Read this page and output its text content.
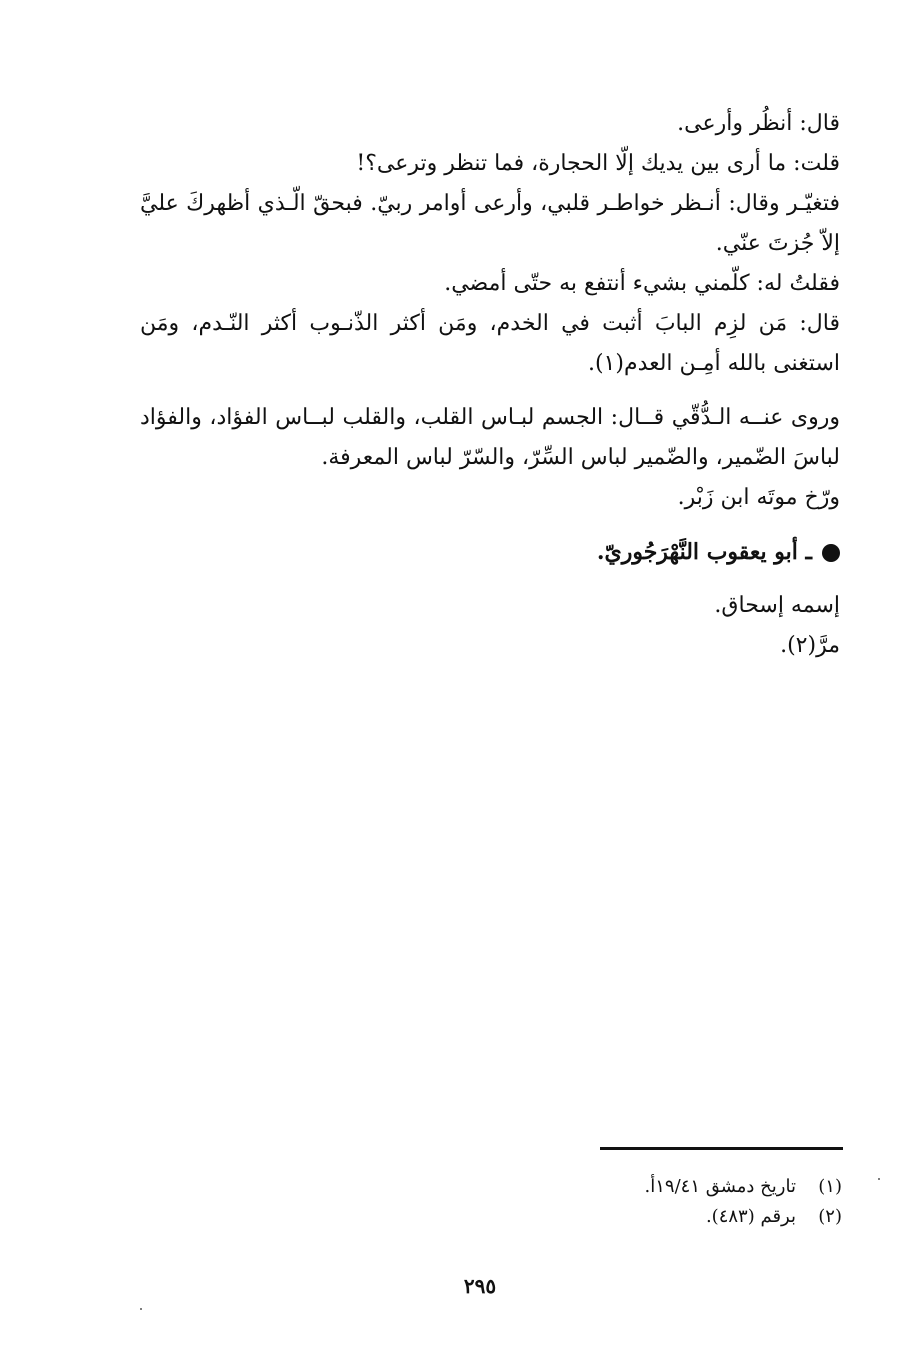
قال: أنظُر وأرعى.
قلت: ما أرى بين يديك إلّا الحجارة، فما تنظر وترعى؟!
فتغيّـر وقال: أنـظر خواطـر قلبي، وأرعى أوامر ربيّ. فبحقّ الّـذي أظهركَ عليَّ إلاّ جُزتَ عنّي.
فقلتُ له: كلّمني بشيء أنتفع به حتّى أمضي.
قال: مَن لزِم البابَ أثبت في الخدم، ومَن أكثر الذّنـوب أكثر النّـدم، ومَن استغنى بالله أمِـن العدم(١).
وروى عنــه الـدُّقّي قــال: الجسم لبـاس القلب، والقلب لبــاس الفؤاد، والفؤاد لباسَ الضّمير، والضّمير لباس السِّرّ، والسّرّ لباس المعرفة.
ورّخ موتَه ابن زَبْر.
ـ أبو يعقوب النَّهْرَجُوريّ.
إسمه إسحاق.
مرَّ(٢).
(١)تاريخ دمشق ١٩/٤١أ.
(٢)برقم (٤٨٣).
٢٩٥
